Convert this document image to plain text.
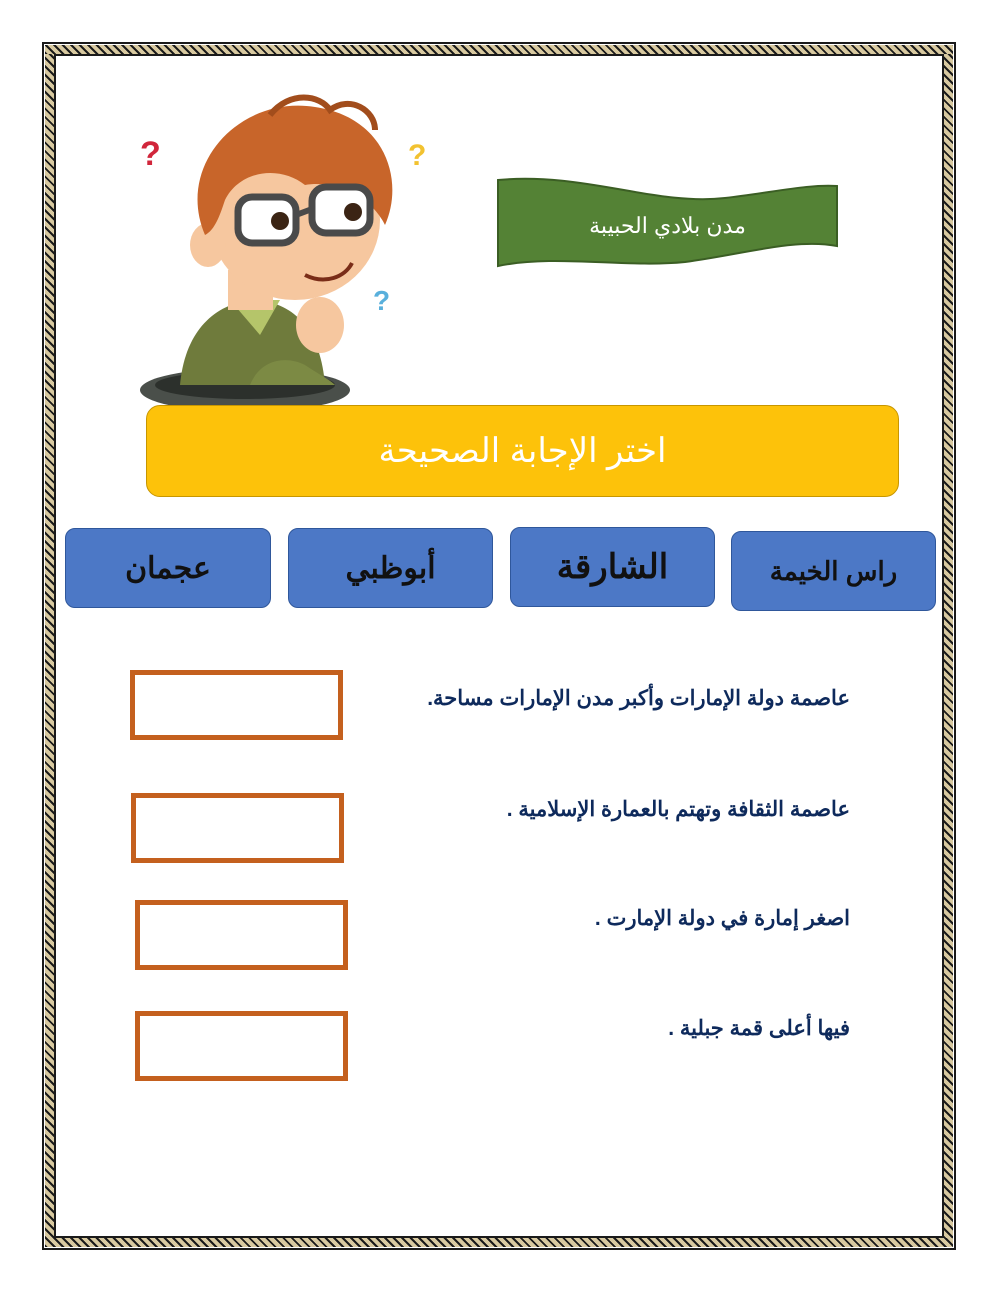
?	?
?
مدن بلادي الحبيبة
اختر الإجابة الصحيحة
راس الخيمة
الشارقة
أبوظبي
عجمان
عاصمة دولة الإمارات وأكبر مدن الإمارات مساحة.
عاصمة الثقافة وتهتم بالعمارة الإسلامية .
اصغر إمارة في دولة الإمارت .
فيها أعلى قمة جبلية .
